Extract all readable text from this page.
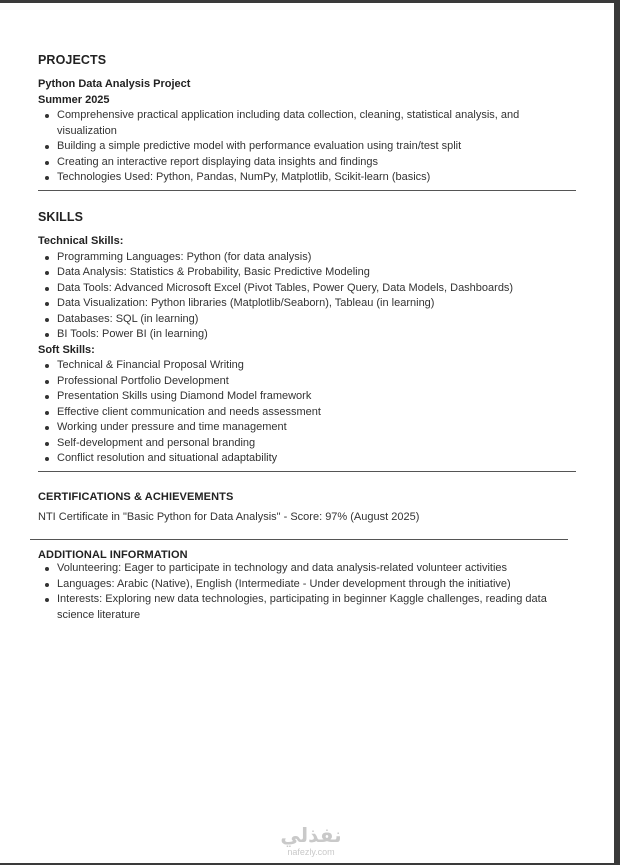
PROJECTS
Python Data Analysis Project
Summer 2025
Comprehensive practical application including data collection, cleaning, statistical analysis, and visualization
Building a simple predictive model with performance evaluation using train/test split
Creating an interactive report displaying data insights and findings
Technologies Used: Python, Pandas, NumPy, Matplotlib, Scikit-learn (basics)
SKILLS
Technical Skills:
Programming Languages: Python (for data analysis)
Data Analysis: Statistics & Probability, Basic Predictive Modeling
Data Tools: Advanced Microsoft Excel (Pivot Tables, Power Query, Data Models, Dashboards)
Data Visualization: Python libraries (Matplotlib/Seaborn), Tableau (in learning)
Databases: SQL (in learning)
BI Tools: Power BI (in learning)
Soft Skills:
Technical & Financial Proposal Writing
Professional Portfolio Development
Presentation Skills using Diamond Model framework
Effective client communication and needs assessment
Working under pressure and time management
Self-development and personal branding
Conflict resolution and situational adaptability
CERTIFICATIONS & ACHIEVEMENTS
NTI Certificate in "Basic Python for Data Analysis" - Score: 97% (August 2025)
ADDITIONAL INFORMATION
Volunteering: Eager to participate in technology and data analysis-related volunteer activities
Languages: Arabic (Native), English (Intermediate - Under development through the initiative)
Interests: Exploring new data technologies, participating in beginner Kaggle challenges, reading data science literature
نفذلي
nafezly.com
